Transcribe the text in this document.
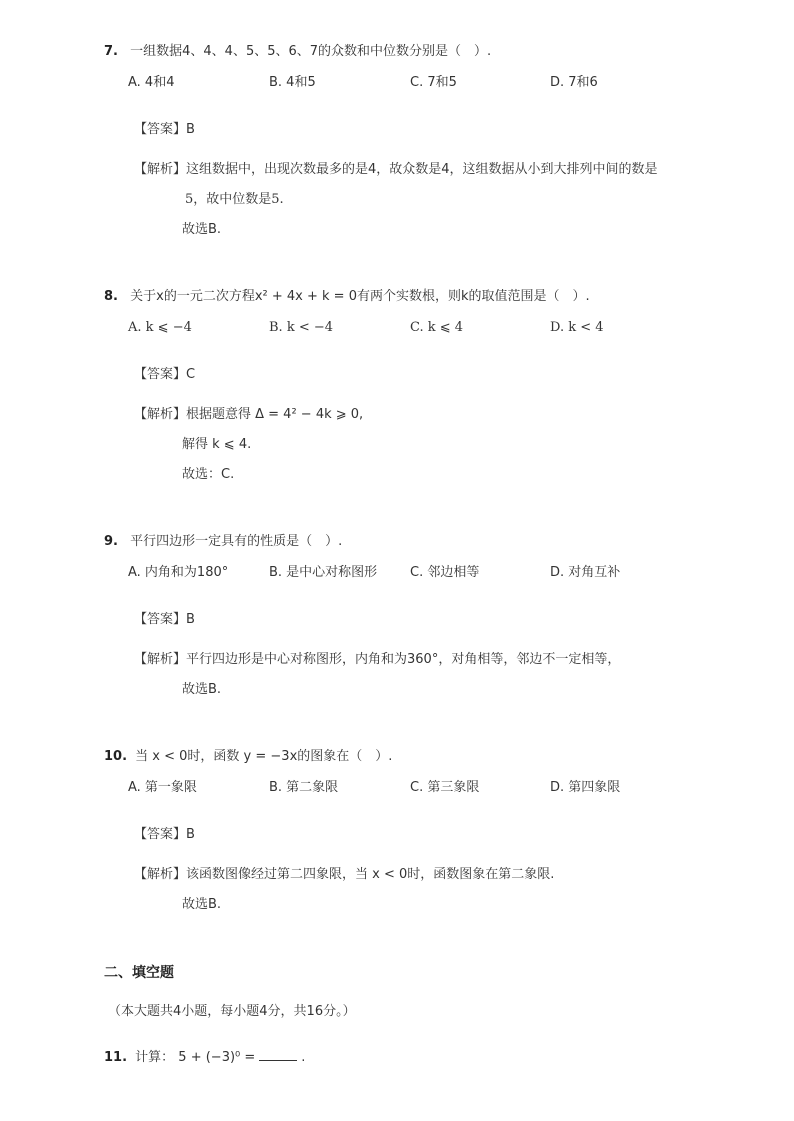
7. 一组数据4、4、4、5、5、6、7的众数和中位数分别是（　）.
A. 4和4	B. 4和5	C. 7和5	D. 7和6
【答案】B
【解析】这组数据中，出现次数最多的是4，故众数是4，这组数据从小到大排列中间的数是
5，故中位数是5.
故选B.
8. 关于x的一元二次方程x² + 4x + k = 0有两个实数根，则k的取值范围是（　）.
A. k ⩽ −4	B. k < −4	C. k ⩽ 4	D. k < 4
【答案】C
【解析】根据题意得 Δ = 4² − 4k ⩾ 0,
解得 k ⩽ 4.
故选：C.
9. 平行四边形一定具有的性质是（　）.
A. 内角和为180°	B. 是中心对称图形	C. 邻边相等	D. 对角互补
【答案】B
【解析】平行四边形是中心对称图形，内角和为360°，对角相等，邻边不一定相等，
故选B.
10. 当 x < 0时，函数 y = −3x的图象在（　）.
A. 第一象限	B. 第二象限	C. 第三象限	D. 第四象限
【答案】B
【解析】该函数图像经过第二四象限，当 x < 0时，函数图象在第二象限.
故选B.
二、填空题
（本大题共4小题，每小题4分，共16分。）
11. 计算： 5 + (−3)⁰ =	.
